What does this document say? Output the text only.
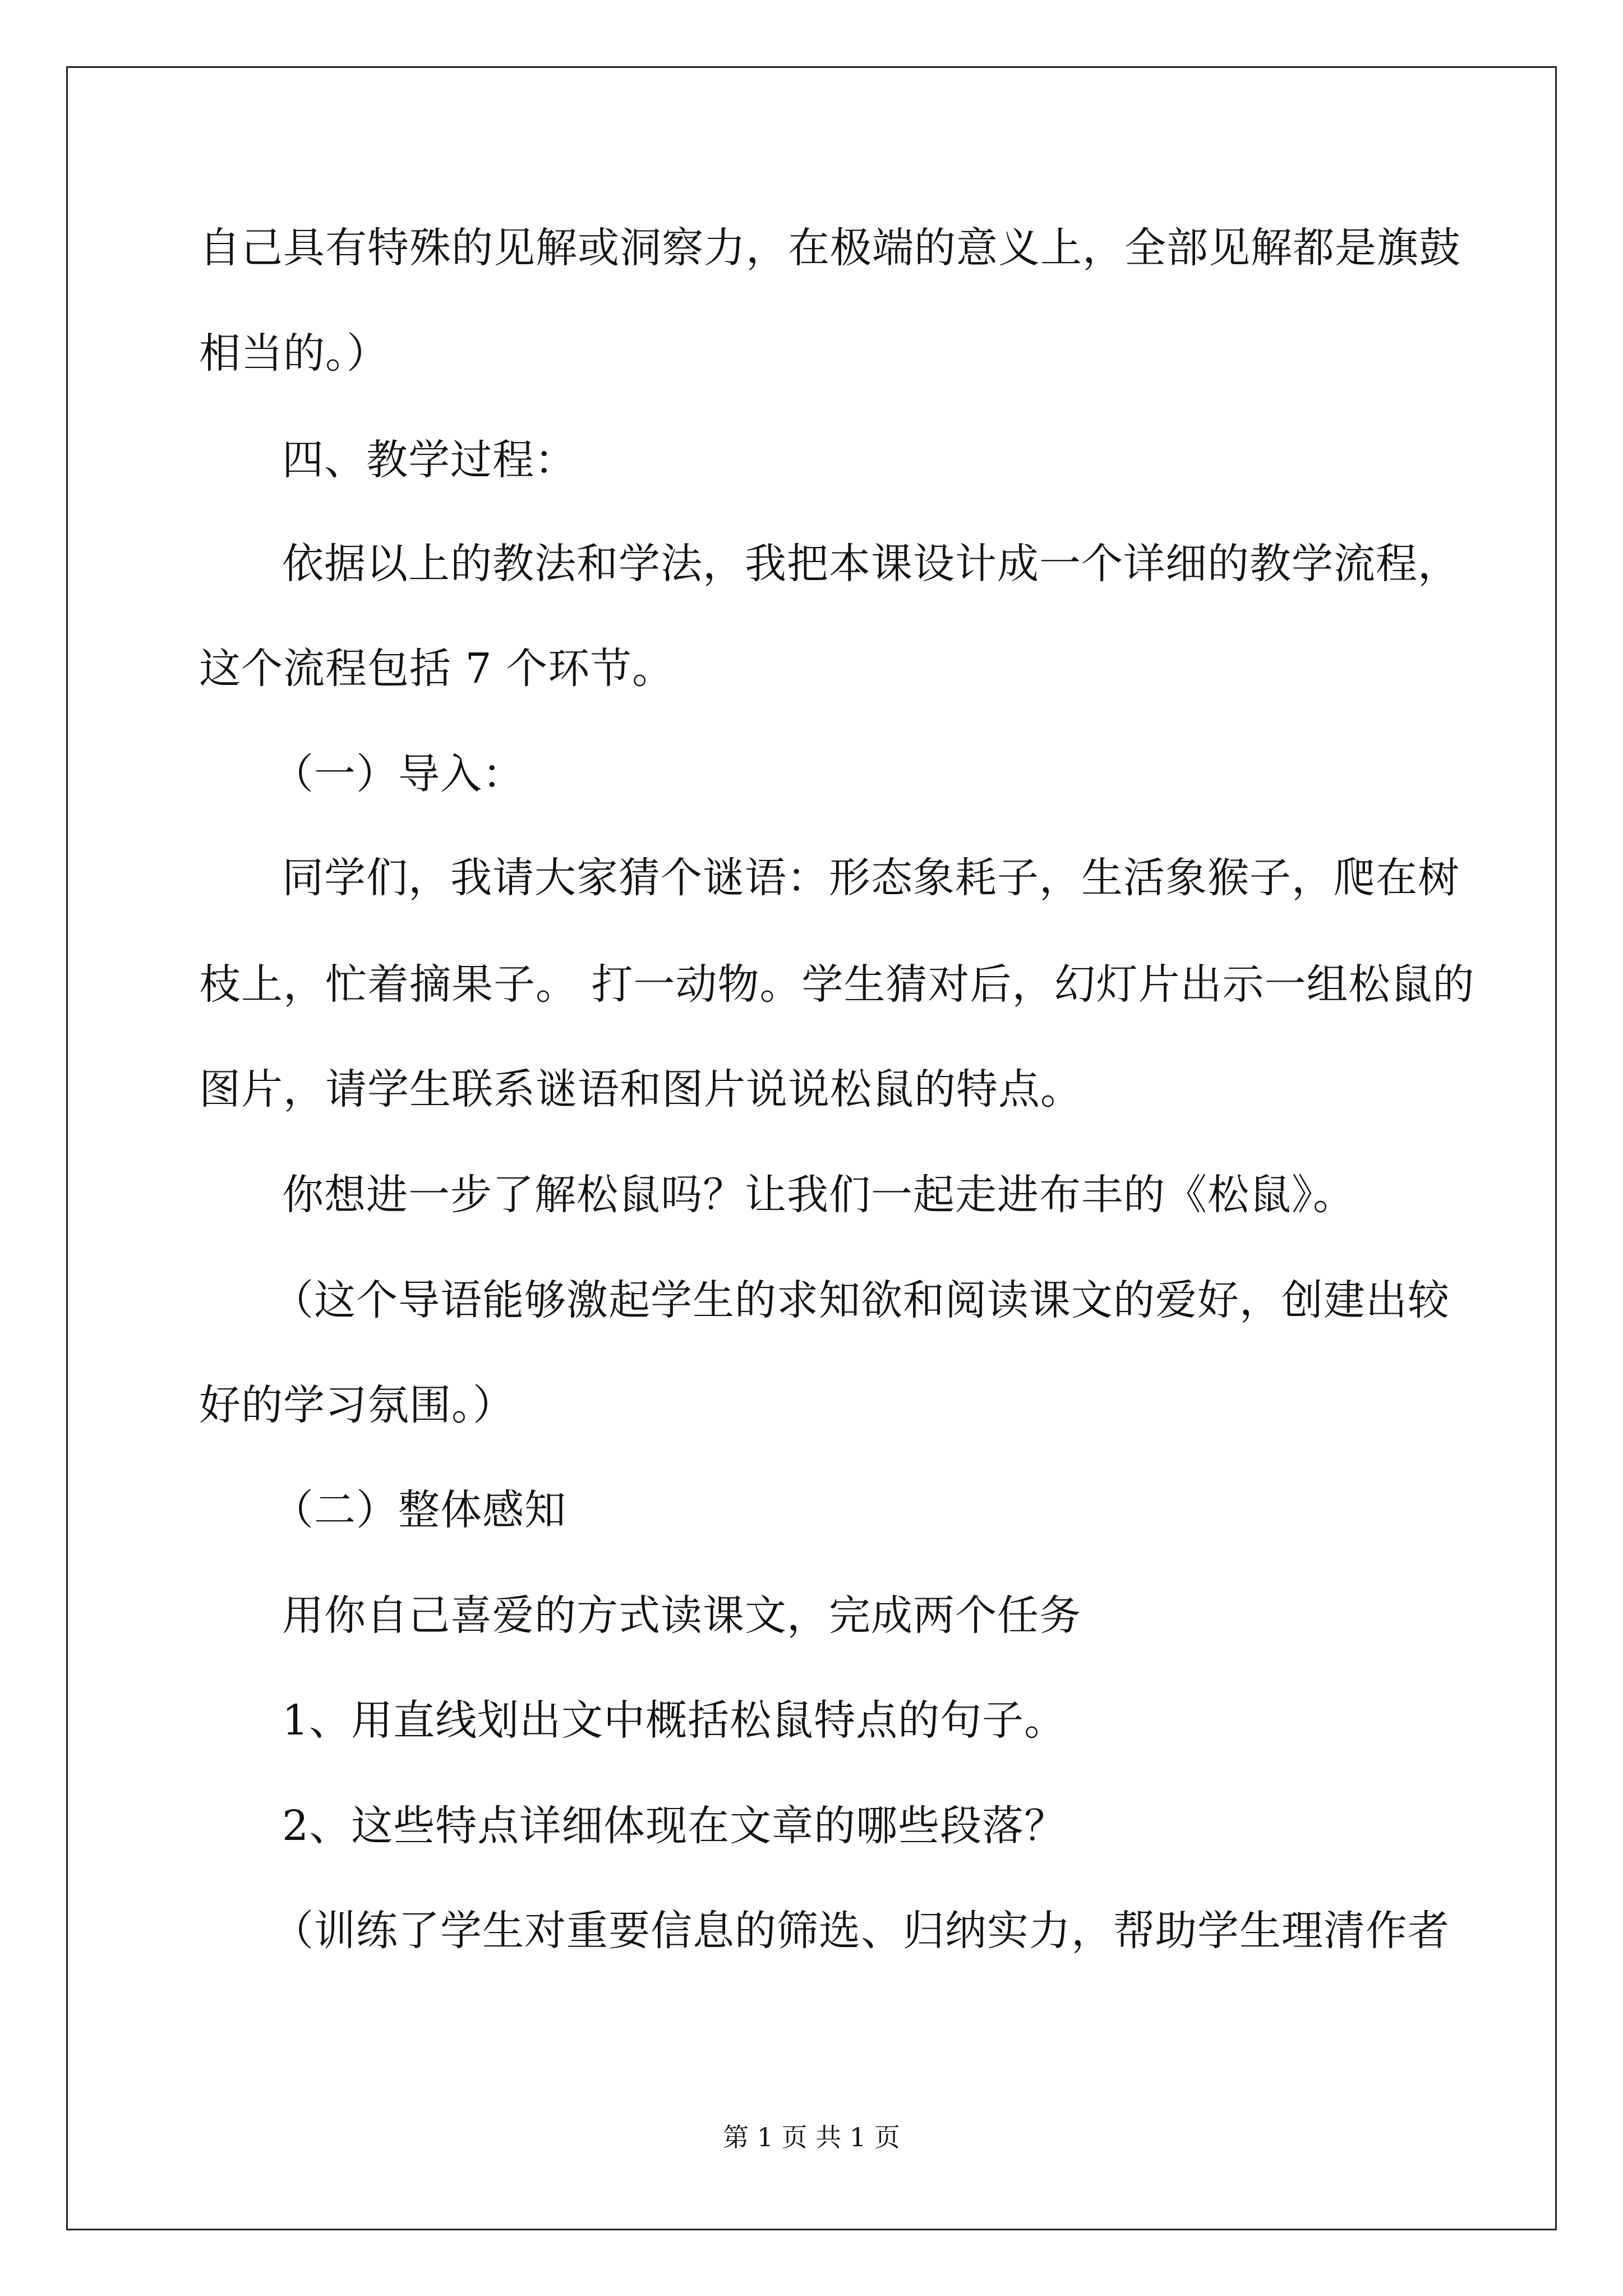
自己具有特殊的见解或洞察力，在极端的意义上，全部见解都是旗鼓
相当的。）
四、教学过程：
依据以上的教法和学法，我把本课设计成一个详细的教学流程，
这个流程包括 7 个环节。
（一）导入：
同学们，我请大家猜个谜语：形态象耗子，生活象猴子，爬在树
枝上，忙着摘果子。 打一动物。学生猜对后，幻灯片出示一组松鼠的
图片，请学生联系谜语和图片说说松鼠的特点。
你想进一步了解松鼠吗？让我们一起走进布丰的《松鼠》。
（这个导语能够激起学生的求知欲和阅读课文的爱好，创建出较
好的学习氛围。）
（二）整体感知
用你自己喜爱的方式读课文，完成两个任务
1、用直线划出文中概括松鼠特点的句子。
2、这些特点详细体现在文章的哪些段落？
（训练了学生对重要信息的筛选、归纳实力，帮助学生理清作者
第 1 页 共 1 页
